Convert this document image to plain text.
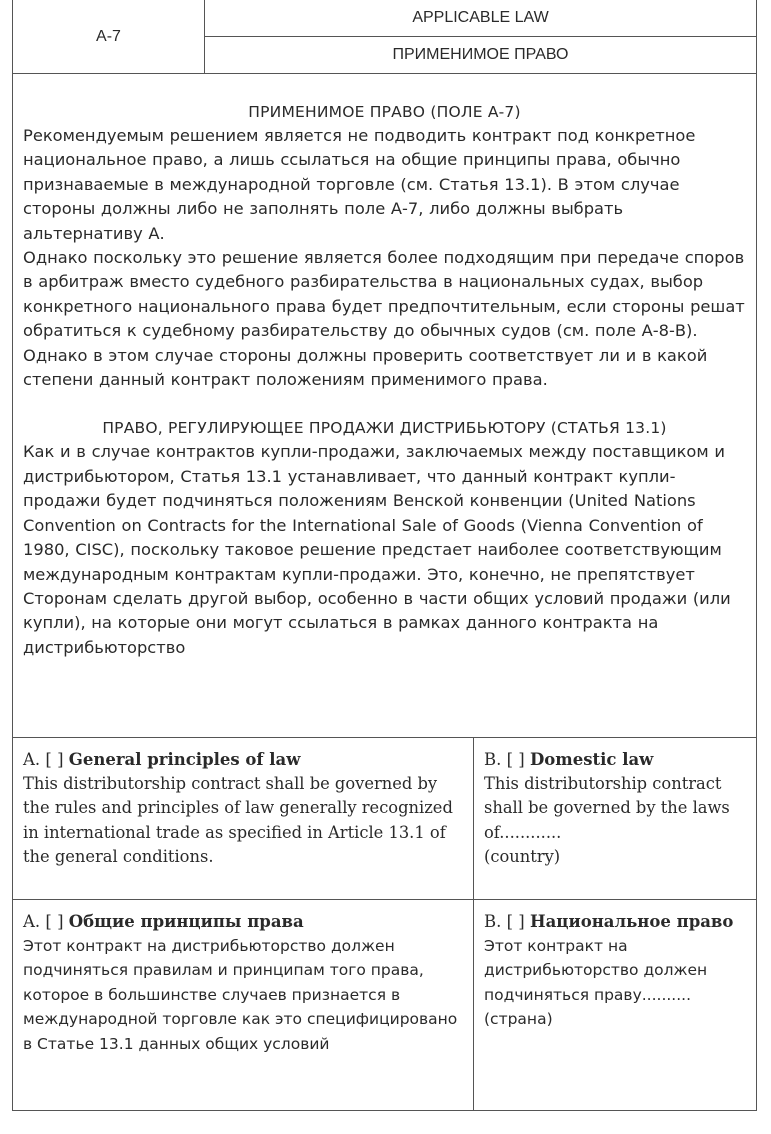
A-7
APPLICABLE LAW
ПРИМЕНИМОЕ ПРАВО
ПРИМЕНИМОЕ ПРАВО (ПОЛЕ А-7)

Рекомендуемым решением является не подводить контракт под конкретное национальное право, а лишь ссылаться на общие принципы права, обычно признаваемые в международной торговле (см. Статья 13.1). В этом случае стороны должны либо не заполнять поле А-7, либо должны выбрать альтернативу А.

Однако поскольку это решение является более подходящим при передаче споров в арбитраж вместо судебного разбирательства в национальных судах, выбор конкретного национального права будет предпочтительным, если стороны решат обратиться к судебному разбирательству до обычных судов (см. поле А-8-В). Однако в этом случае стороны должны проверить соответствует ли и в какой степени данный контракт положениям применимого права.

ПРАВО, РЕГУЛИРУЮЩЕЕ ПРОДАЖИ ДИСТРИБЬЮТОРУ (СТАТЬЯ 13.1)

Как и в случае контрактов купли-продажи, заключаемых между поставщиком и дистрибьютором, Статья 13.1 устанавливает, что данный контракт купли-продажи будет подчиняться положениям Венской конвенции (United Nations Convention on Contracts for the International Sale of Goods (Vienna Convention of 1980, CISC), поскольку таковое решение предстает наиболее соответствующим международным контрактам купли-продажи. Это, конечно, не препятствует Сторонам сделать другой выбор, особенно в части общих условий продажи (или купли), на которые они могут ссылаться в рамках данного контракта на дистрибьюторство

A. [ ] General principles of law

This distributorship contract shall be governed by the rules and principles of law generally recognized in international trade as specified in Article 13.1 of the general conditions.

B. [ ] Domestic law

This distributorship contract shall be governed by the laws of............

(country)

A. [ ] Общие принципы права

Этот контракт на дистрибьюторство должен подчиняться правилам и принципам того права, которое в большинстве случаев признается в международной торговле как это специфицировано в Статье 13.1 данных общих условий

B. [ ] Национальное право

Этот контракт на дистрибьюторство должен подчиняться праву..........

(страна)
